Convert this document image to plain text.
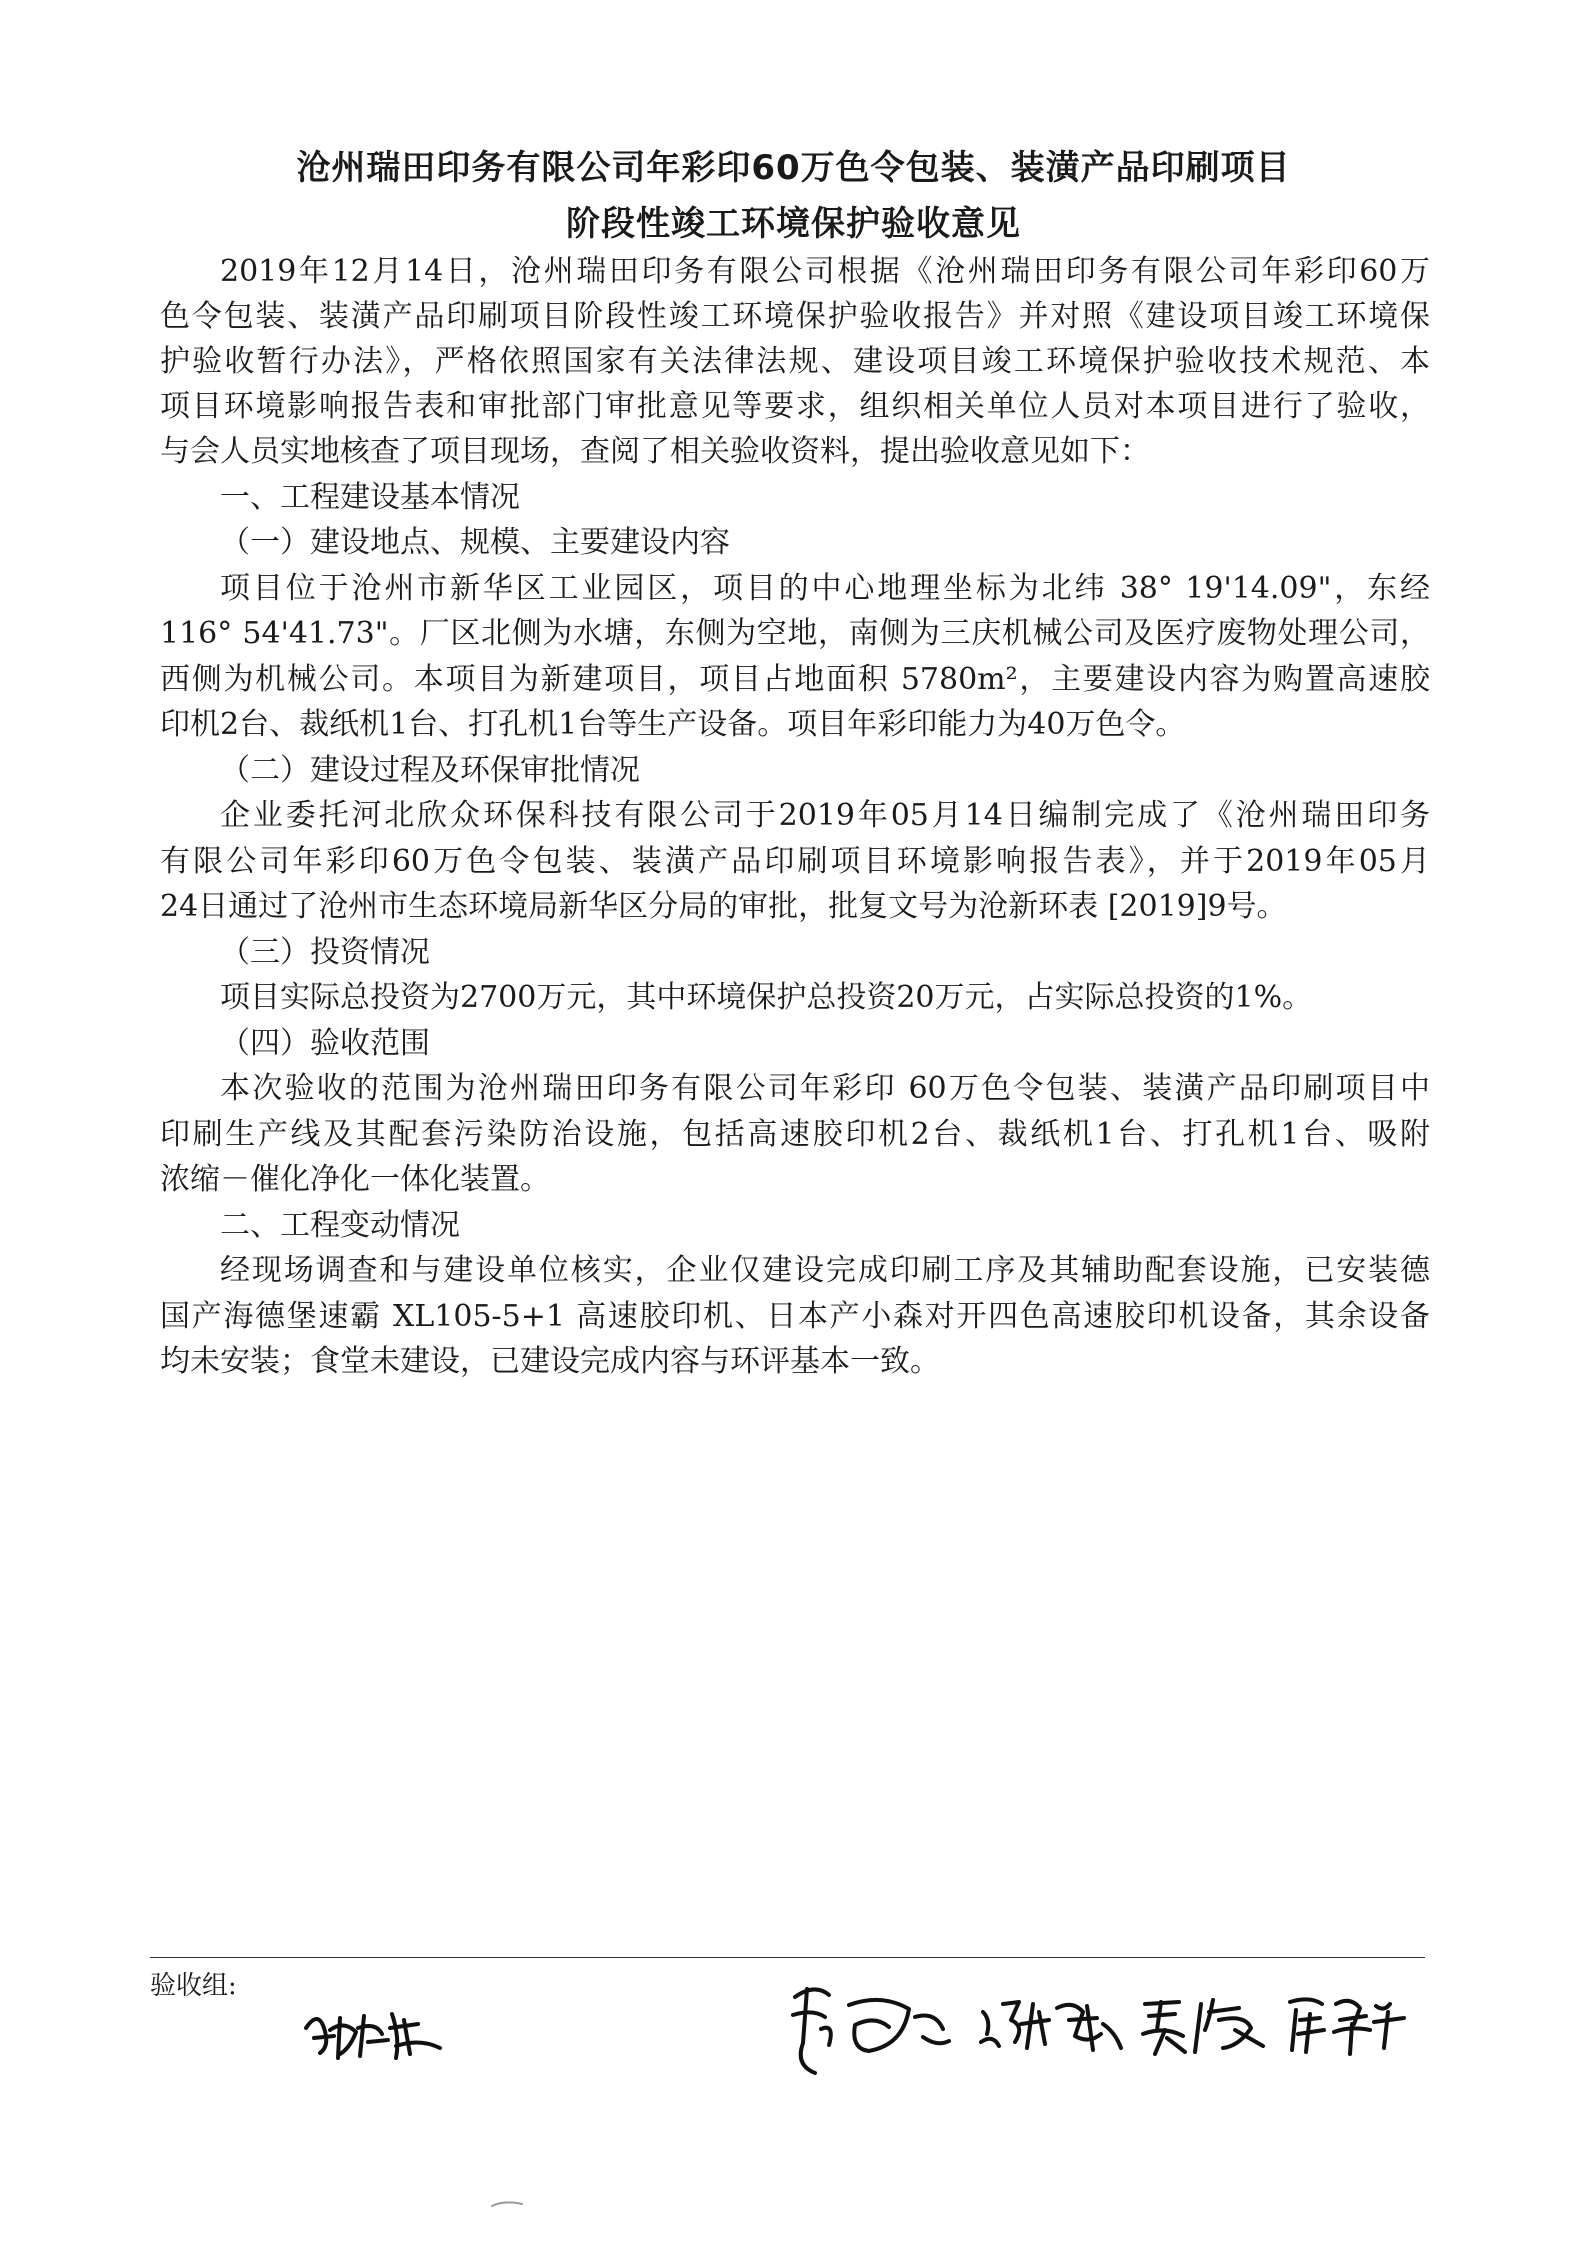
沧州瑞田印务有限公司年彩印60万色令包装、装潢产品印刷项目
阶段性竣工环境保护验收意见
2019年12月14日，沧州瑞田印务有限公司根据《沧州瑞田印务有限公司年彩印60万
色令包装、装潢产品印刷项目阶段性竣工环境保护验收报告》并对照《建设项目竣工环境保
护验收暂行办法》，严格依照国家有关法律法规、建设项目竣工环境保护验收技术规范、本
项目环境影响报告表和审批部门审批意见等要求，组织相关单位人员对本项目进行了验收，
与会人员实地核查了项目现场，查阅了相关验收资料，提出验收意见如下：
一、工程建设基本情况
（一）建设地点、规模、主要建设内容
项目位于沧州市新华区工业园区，项目的中心地理坐标为北纬 38° 19'14.09"，东经
116° 54'41.73"。厂区北侧为水塘，东侧为空地，南侧为三庆机械公司及医疗废物处理公司，
西侧为机械公司。本项目为新建项目，项目占地面积 5780m²，主要建设内容为购置高速胶
印机2台、裁纸机1台、打孔机1台等生产设备。项目年彩印能力为40万色令。
（二）建设过程及环保审批情况
企业委托河北欣众环保科技有限公司于2019年05月14日编制完成了《沧州瑞田印务
有限公司年彩印60万色令包装、装潢产品印刷项目环境影响报告表》，并于2019年05月
24日通过了沧州市生态环境局新华区分局的审批，批复文号为沧新环表 [2019]9号。
（三）投资情况
项目实际总投资为2700万元，其中环境保护总投资20万元，占实际总投资的1%。
（四）验收范围
本次验收的范围为沧州瑞田印务有限公司年彩印 60万色令包装、装潢产品印刷项目中
印刷生产线及其配套污染防治设施，包括高速胶印机2台、裁纸机1台、打孔机1台、吸附
浓缩－催化净化一体化装置。
二、工程变动情况
经现场调查和与建设单位核实，企业仅建设完成印刷工序及其辅助配套设施，已安装德
国产海德堡速霸 XL105-5+1 高速胶印机、日本产小森对开四色高速胶印机设备，其余设备
均未安装；食堂未建设，已建设完成内容与环评基本一致。
验收组:
